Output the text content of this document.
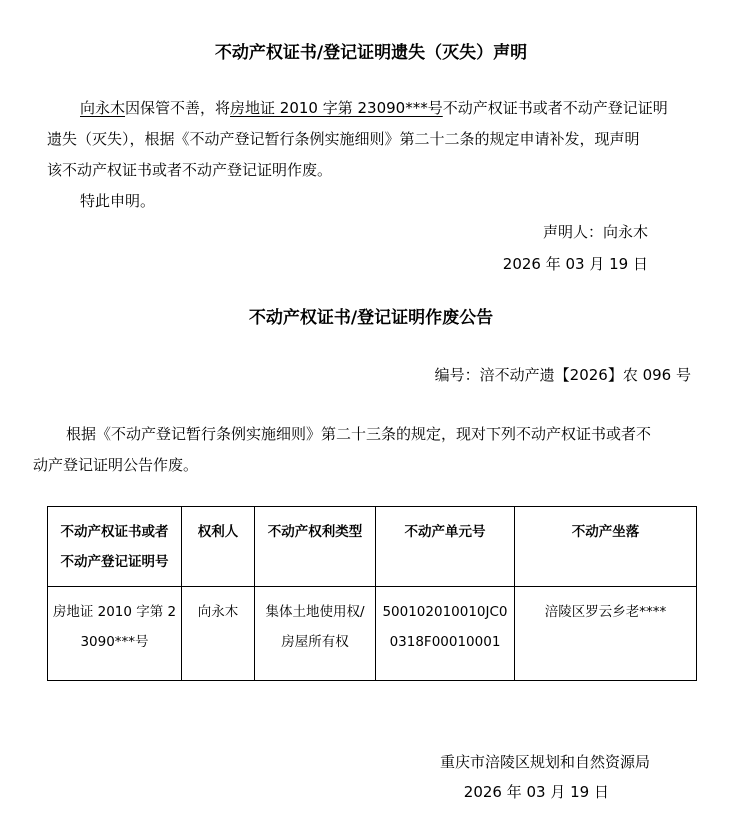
不动产权证书/登记证明遗失（灭失）声明
向永木因保管不善，将房地证 2010 字第 23090***号不动产权证书或者不动产登记证明
遗失（灭失），根据《不动产登记暂行条例实施细则》第二十二条的规定申请补发，现声明
该不动产权证书或者不动产登记证明作废。
特此申明。
声明人：向永木
2026 年 03 月 19 日
不动产权证书/登记证明作废公告
编号：涪不动产遗【2026】农 096 号
根据《不动产登记暂行条例实施细则》第二十三条的规定，现对下列不动产权证书或者不
动产登记证明公告作废。
不动产权证书或者
不动产登记证明号	权利人	不动产权利类型	不动产单元号	不动产坐落

房地证 2010 字第 2
3090***号	向永木	集体土地使用权/
房屋所有权	500102010010JC0
0318F00010001	涪陵区罗云乡老****
重庆市涪陵区规划和自然资源局
2026 年 03 月 19 日
